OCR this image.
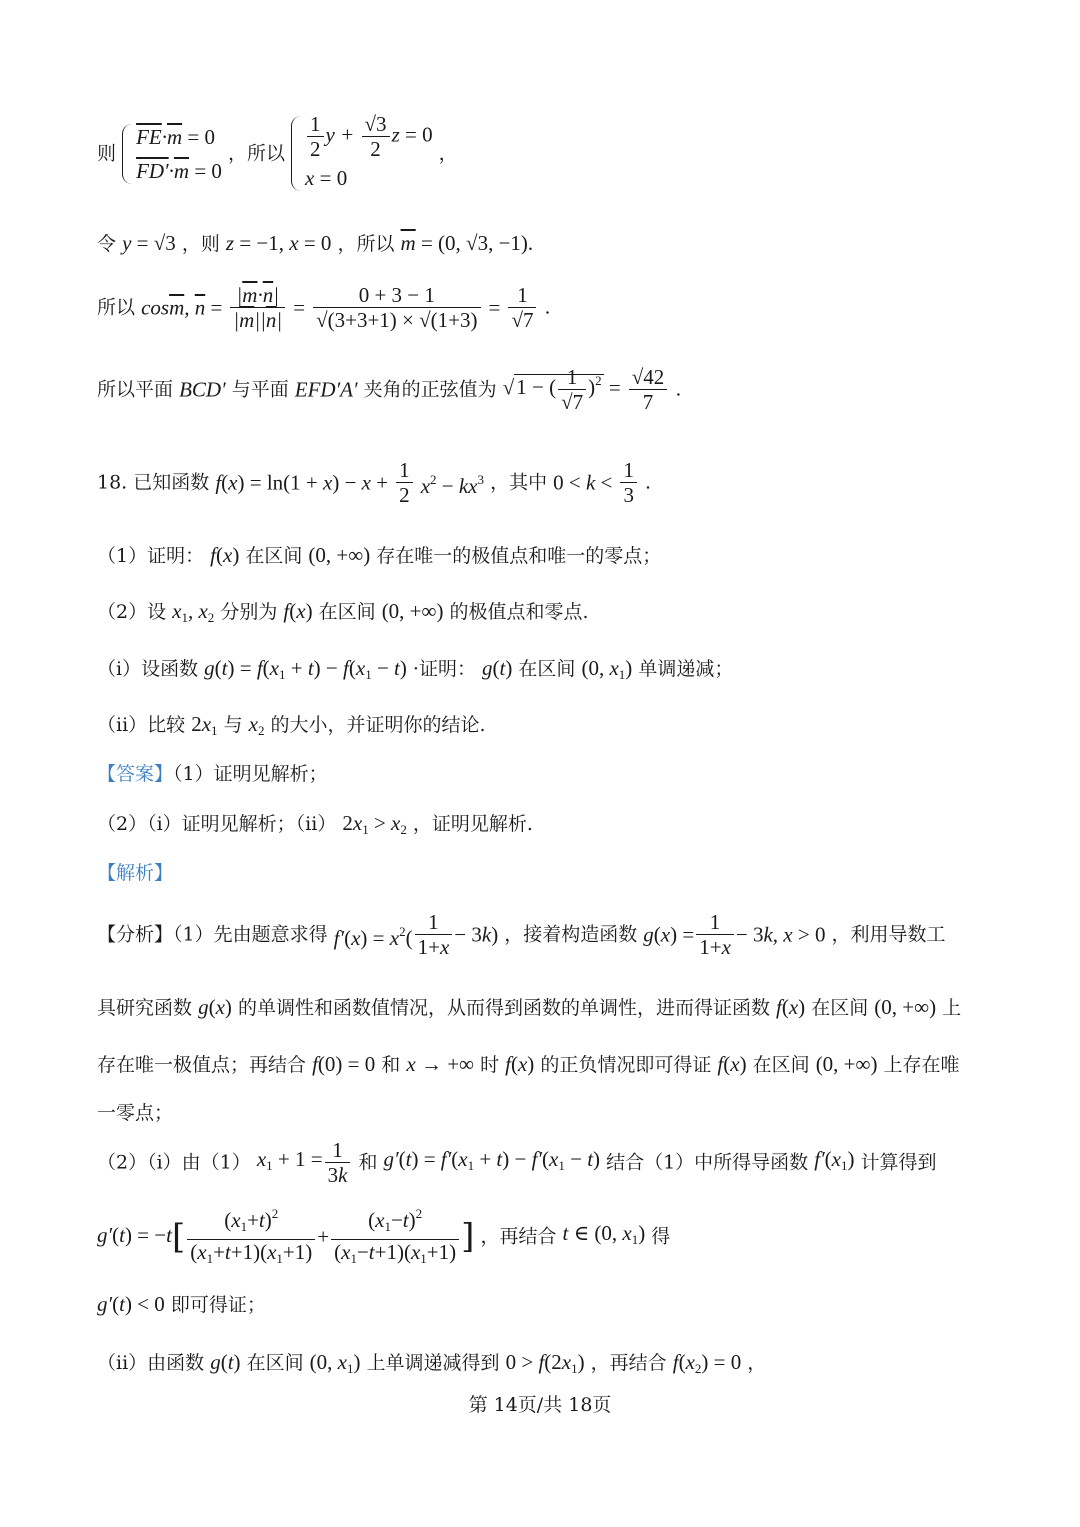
则
$\overline{FE}\cdot\overline{m} = 0$
$FD'\cdot\overline{m} = 0$
，所以 $\frac{1}{2}$ $y + \frac{√3}{2}$ z = 0
x = 0
，
令 y = √3 ，则 z = −1, x = 0 ，所以 $\overline{m} = (0$, √3, −1).
所以 $\cos\overline{m}$, $\overline{n} = \frac{|\overline{m}\cdot\overline{n}|}{|\overline{m}||\overline{n}|} = \frac{0 + 3 - 1}{√(3+3+1) \times √(1+3)} = \frac{1}{√7}$ .
所以平面 BCD′ 与平面 EFD′A′ 夹角的正弦值为 √1 − ( $\frac{1}{√7} )^2 = \frac{√42}{7}$ .
18. 已知函数 $f(x) = \ln(1 + x) - x + \frac{1}{2} x^2 - kx^3$ ，其中 $0 < k < \frac{1}{3}$ .
（1）证明： f(x) 在区间 (0, +∞) 存在唯一的极值点和唯一的零点；
（2）设 $x_1$, $x_2$ 分别为 f(x) 在区间 (0, +∞) 的极值点和零点.
（i）设函数 $g(t) = f(x_1 + t) - f(x_1 - t)$ ·证明： g(t) 在区间 (0, $x_1$) 单调递减；
（ii）比较 $2x_1$ 与 $x_2$ 的大小，并证明你的结论.
【答案】（1）证明见解析；
（2）（i）证明见解析；（ii） $2x_1 > x_2$ ，证明见解析.
【解析】
【分析】（1）先由题意求得 $f'(x) = x^2( \frac{1}{1+x} - 3k)$ ，接着构造函数 $g(x) = \frac{1}{1+x} - 3k$, x > 0 ，利用导数工
具研究函数 g(x) 的单调性和函数值情况，从而得到函数的单调性，进而得证函数 f(x) 在区间 (0, +∞) 上
存在唯一极值点；再结合 f(0) = 0 和 x → +∞ 时 f(x) 的正负情况即可得证 f(x) 在区间 (0, +∞) 上存在唯
一零点；
（2）（i）由（1） $x_1 + 1 = \frac{1}{3k}$ 和 $g'(t) = f'(x_1 + t) - f'(x_1 - t)$ 结合（1）中所得导函数 $f'(x_1)$ 计算得到
$g'(t) = -t[ \frac{(x_1+t)^2}{(x_1+t+1)(x_1+1)} + \frac{(x_1-t)^2}{(x_1-t+1)(x_1+1)}$ ] ，再结合 t ∈ (0, $x_1$) 得
g′(t) < 0 即可得证；
（ii）由函数 g(t) 在区间 (0, $x_1$) 上单调递减得到 $0 > f(2x_1)$ ，再结合 $f(x_2) = 0$ ，
第 14页/共 18页
